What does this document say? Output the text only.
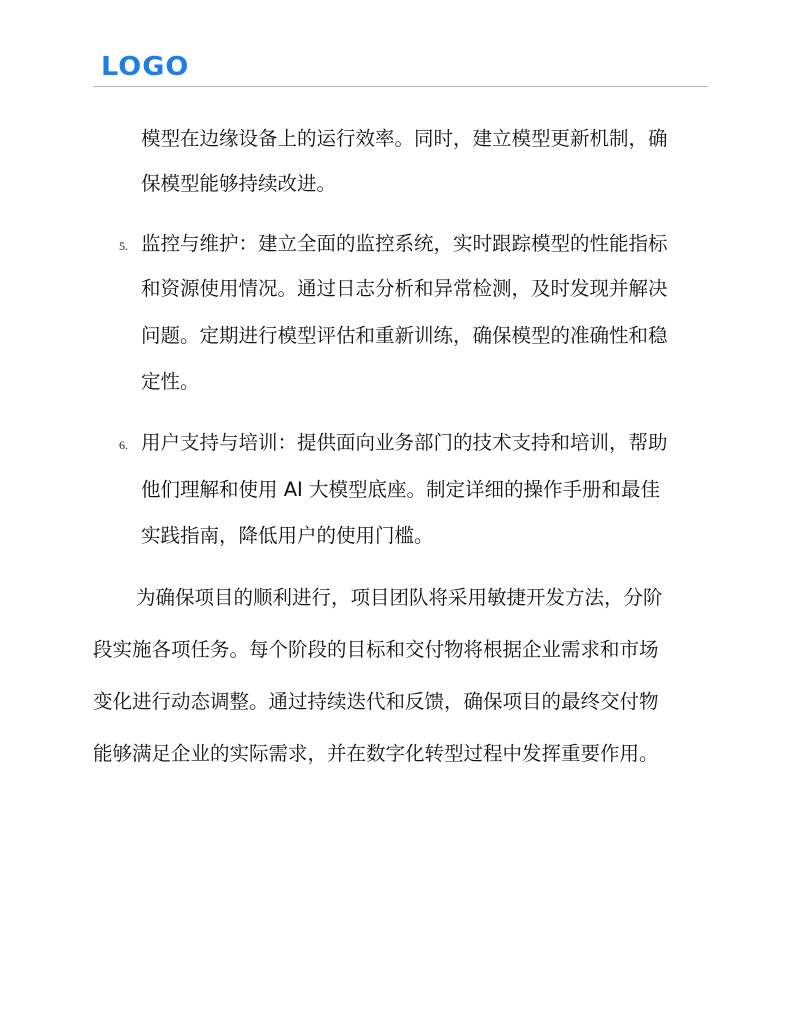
LOGO
模型在边缘设备上的运行效率。同时，建立模型更新机制，确
保模型能够持续改进。
5. 监控与维护：建立全面的监控系统，实时跟踪模型的性能指标
和资源使用情况。通过日志分析和异常检测，及时发现并解决
问题。定期进行模型评估和重新训练，确保模型的准确性和稳
定性。
6. 用户支持与培训：提供面向业务部门的技术支持和培训，帮助
他们理解和使用 AI 大模型底座。制定详细的操作手册和最佳
实践指南，降低用户的使用门槛。
为确保项目的顺利进行，项目团队将采用敏捷开发方法，分阶
段实施各项任务。每个阶段的目标和交付物将根据企业需求和市场
变化进行动态调整。通过持续迭代和反馈，确保项目的最终交付物
能够满足企业的实际需求，并在数字化转型过程中发挥重要作用。
